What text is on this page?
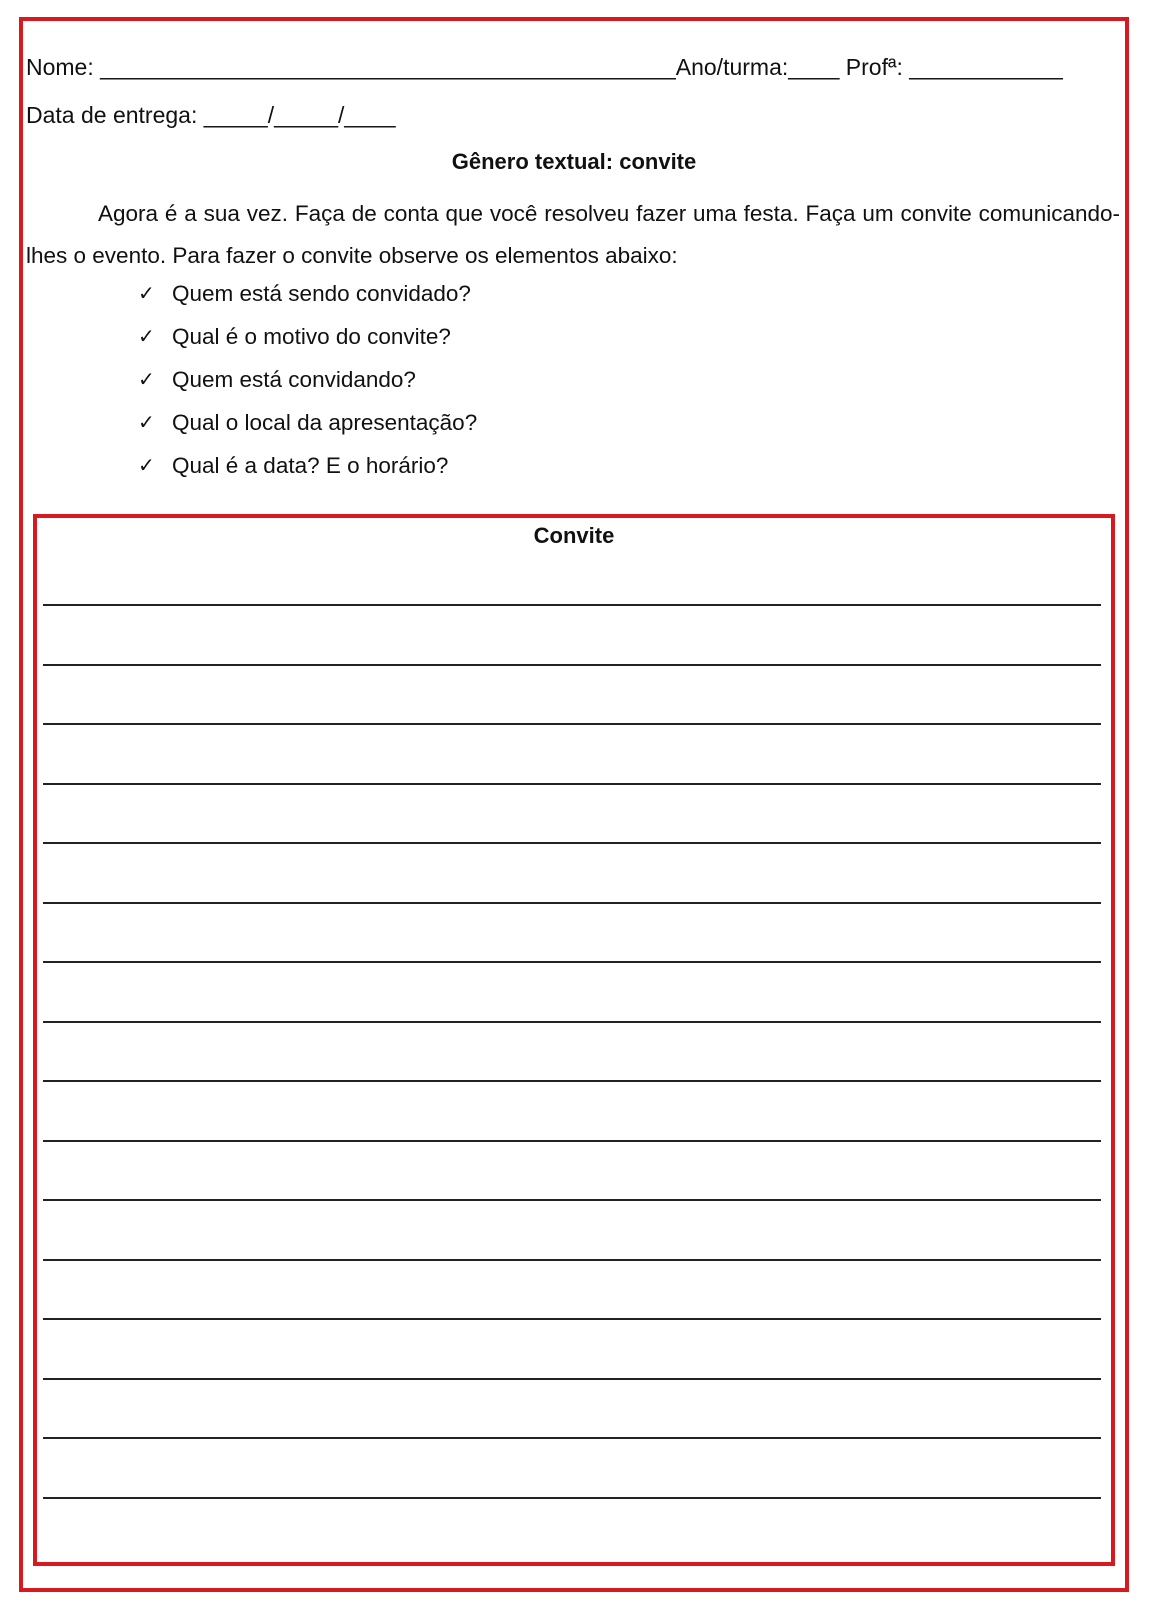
Nome: _____________________________________________Ano/turma:____ Profª: ____________
Data de entrega: _____/_____/____
Gênero textual: convite
Agora é a sua vez. Faça de conta que você resolveu fazer uma festa. Faça um convite comunicando-lhes o evento. Para fazer o convite observe os elementos abaixo:
✓ Quem está sendo convidado?
✓ Qual é o motivo do convite?
✓ Quem está convidando?
✓ Qual o local da apresentação?
✓ Qual é a data? E o horário?
Convite
